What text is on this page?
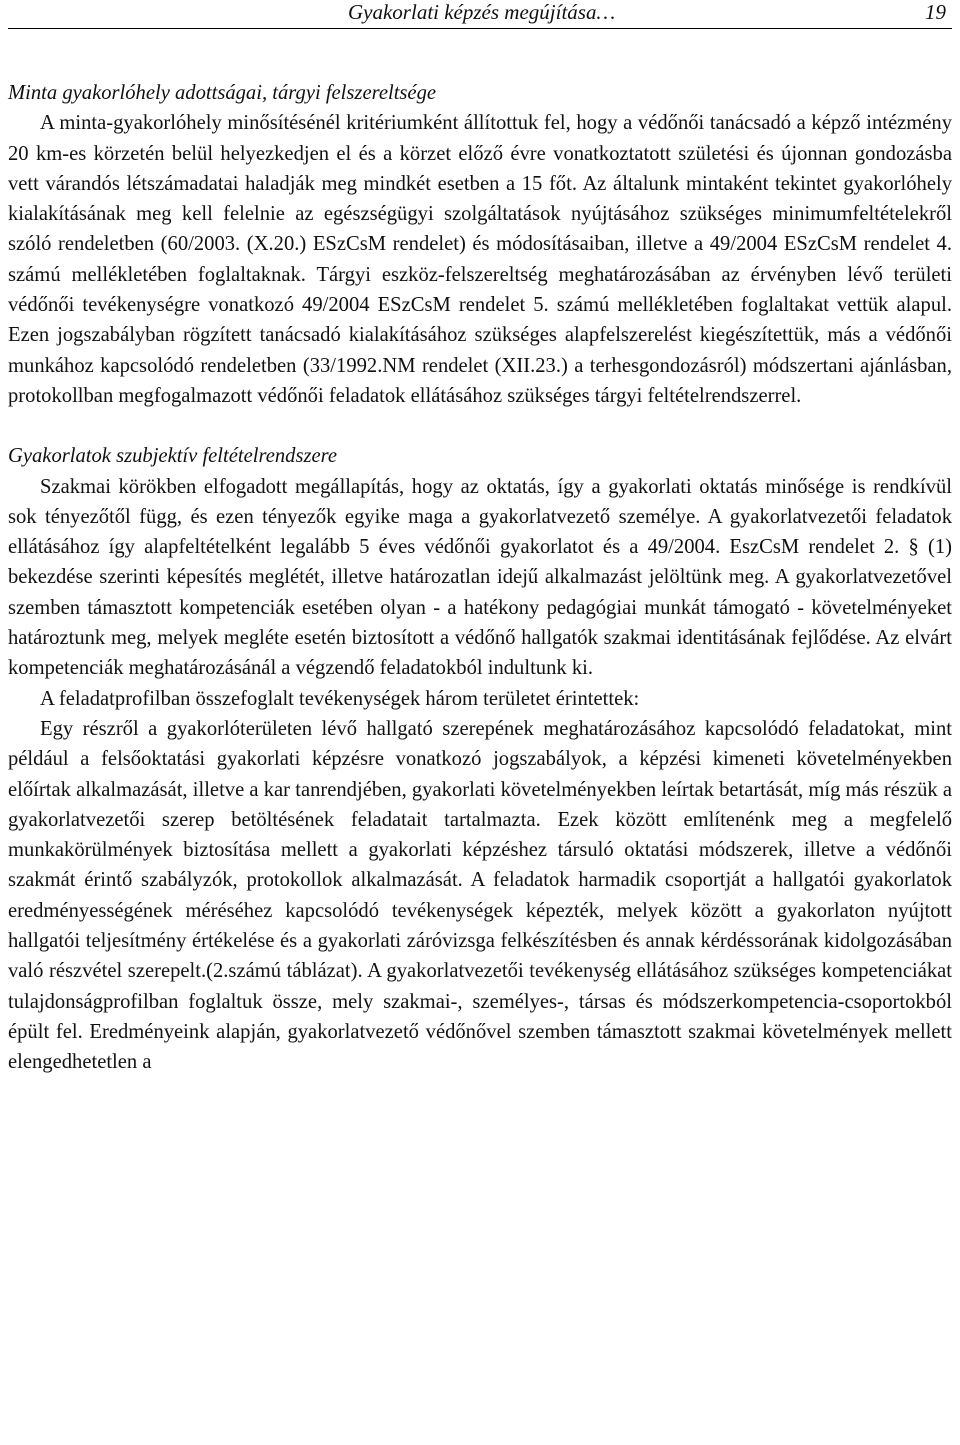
Gyakorlati képzés megújítása…	19

Minta gyakorlóhely adottságai, tárgyi felszereltsége

A minta-gyakorlóhely minősítésénél kritériumként állítottuk fel, hogy a védőnői tanácsadó a képző intézmény 20 km-es körzetén belül helyezkedjen el és a körzet előző évre vonatkoztatott születési és újonnan gondozásba vett várandós létszámadatai haladják meg mindkét esetben a 15 főt. Az általunk mintaként tekintet gyakorlóhely kialakításának meg kell felelnie az egészségügyi szolgáltatások nyújtásához szükséges minimumfeltételekről szóló rendeletben (60/2003. (X.20.) ESzCsM rendelet) és módosításaiban, illetve a 49/2004 ESzCsM rendelet 4. számú mellékletében foglaltaknak. Tárgyi eszköz-felszereltség meghatározásában az érvényben lévő területi védőnői tevékenységre vonatkozó 49/2004 ESzCsM rendelet 5. számú mellékletében foglaltakat vettük alapul. Ezen jogszabályban rögzített tanácsadó kialakításához szükséges alapfelszerelést kiegészítettük, más a védőnői munkához kapcsolódó rendeletben (33/1992.NM rendelet (XII.23.) a terhesgondozásról) módszertani ajánlásban, protokollban megfogalmazott védőnői feladatok ellátásához szükséges tárgyi feltételrendszerrel.

Gyakorlatok szubjektív feltételrendszere

Szakmai körökben elfogadott megállapítás, hogy az oktatás, így a gyakorlati oktatás minősége is rendkívül sok tényezőtől függ, és ezen tényezők egyike maga a gyakorlatvezető személye. A gyakorlatvezetői feladatok ellátásához így alapfeltételként legalább 5 éves védőnői gyakorlatot és a 49/2004. EszCsM rendelet 2. § (1) bekezdése szerinti képesítés meglétét, illetve határozatlan idejű alkalmazást jelöltünk meg. A gyakorlatvezetővel szemben támasztott kompetenciák esetében olyan - a hatékony pedagógiai munkát támogató - követelményeket határoztunk meg, melyek megléte esetén biztosított a védőnő hallgatók szakmai identitásának fejlődése. Az elvárt kompetenciák meghatározásánál a végzendő feladatokból indultunk ki.

A feladatprofilban összefoglalt tevékenységek három területet érintettek:

Egy részről a gyakorlóterületen lévő hallgató szerepének meghatározásához kapcsolódó feladatokat, mint például a felsőoktatási gyakorlati képzésre vonatkozó jogszabályok, a képzési kimeneti követelményekben előírtak alkalmazását, illetve a kar tanrendjében, gyakorlati követelményekben leírtak betartását, míg más részük a gyakorlatvezetői szerep betöltésének feladatait tartalmazta. Ezek között említenénk meg a megfelelő munkakörülmények biztosítása mellett a gyakorlati képzéshez társuló oktatási módszerek, illetve a védőnői szakmát érintő szabályzók, protokollok alkalmazását. A feladatok harmadik csoportját a hallgatói gyakorlatok eredményességének méréséhez kapcsolódó tevékenységek képezték, melyek között a gyakorlaton nyújtott hallgatói teljesítmény értékelése és a gyakorlati záróvizsga felkészítésben és annak kérdéssorának kidolgozásában való részvétel szerepelt.(2.számú táblázat). A gyakorlatvezetői tevékenység ellátásához szükséges kompetenciákat tulajdonságprofilban foglaltuk össze, mely szakmai-, személyes-, társas és módszerkompetencia-csoportokból épült fel. Eredményeink alapján, gyakorlatvezető védőnővel szemben támasztott szakmai követelmények mellett elengedhetetlen a
